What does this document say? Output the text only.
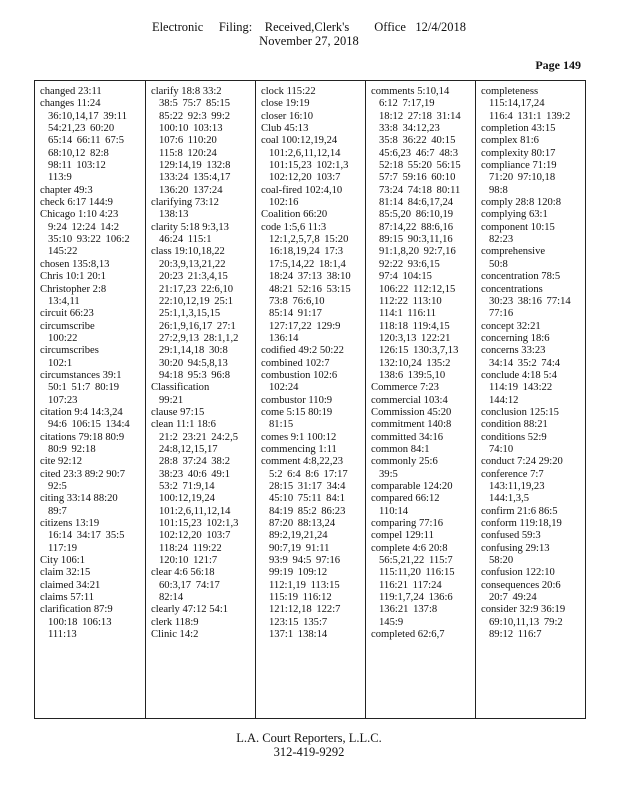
Electronic     Filing:    Received,Clerk's        Office   12/4/2018
November 27, 2018
Page 149
changed 23:11
changes 11:24
36:10,14,17 39:11
54:21,23 60:20
65:14 66:11 67:5
68:10,12 82:8
98:11 103:12
113:9
chapter 49:3
check 6:17 144:9
Chicago 1:10 4:23
9:24 12:24 14:2
35:10 93:22 106:2
145:22
chosen 135:8,13
Chris 10:1 20:1
Christopher 2:8
13:4,11
circuit 66:23
circumscribe
100:22
circumscribes
102:1
circumstances 39:1
50:1 51:7 80:19
107:23
citation 9:4 14:3,24
94:6 106:15 134:4
citations 79:18 80:9
80:9 92:18
cite 92:12
cited 23:3 89:2 90:7
92:5
citing 33:14 88:20
89:7
citizens 13:19
16:14 34:17 35:5
117:19
City 106:1
claim 32:15
claimed 34:21
claims 57:11
clarification 87:9
100:18 106:13
111:13
clarify 18:8 33:2
38:5 75:7 85:15
85:22 92:3 99:2
100:10 103:13
107:6 110:20
115:8 120:24
129:14,19 132:8
133:24 135:4,17
136:20 137:24
clarifying 73:12
138:13
clarity 5:18 9:3,13
46:24 115:1
class 19:10,18,22
20:3,9,13,21,22
20:23 21:3,4,15
21:17,23 22:6,10
22:10,12,19 25:1
25:1,1,3,15,15
26:1,9,16,17 27:1
27:2,9,13 28:1,1,2
29:1,14,18 30:8
30:20 94:5,8,13
94:18 95:3 96:8
Classification
99:21
clause 97:15
clean 11:1 18:6
21:2 23:21 24:2,5
24:8,12,15,17
28:8 37:24 38:2
38:23 40:6 49:1
53:2 71:9,14
100:12,19,24
101:2,6,11,12,14
101:15,23 102:1,3
102:12,20 103:7
118:24 119:22
120:10 121:7
clear 4:6 56:18
60:3,17 74:17
82:14
clearly 47:12 54:1
clerk 118:9
Clinic 14:2
clock 115:22
close 19:19
closer 16:10
Club 45:13
coal 100:12,19,24
101:2,6,11,12,14
101:15,23 102:1,3
102:12,20 103:7
coal-fired 102:4,10
102:16
Coalition 66:20
code 1:5,6 11:3
12:1,2,5,7,8 15:20
16:18,19,24 17:3
17:5,14,22 18:1,4
18:24 37:13 38:10
48:21 52:16 53:15
73:8 76:6,10
85:14 91:17
127:17,22 129:9
136:14
codified 49:2 50:22
combined 102:7
combustion 102:6
102:24
combustor 110:9
come 5:15 80:19
81:15
comes 9:1 100:12
commencing 1:11
comment 4:8,22,23
5:2 6:4 8:6 17:17
28:15 31:17 34:4
45:10 75:11 84:1
84:19 85:2 86:23
87:20 88:13,24
89:2,19,21,24
90:7,19 91:11
93:9 94:5 97:16
99:19 109:12
112:1,19 113:15
115:19 116:12
121:12,18 122:7
123:15 135:7
137:1 138:14
comments 5:10,14
6:12 7:17,19
18:12 27:18 31:14
33:8 34:12,23
35:8 36:22 40:15
45:6,23 46:7 48:3
52:18 55:20 56:15
57:7 59:16 60:10
73:24 74:18 80:11
81:14 84:6,17,24
85:5,20 86:10,19
87:14,22 88:6,16
89:15 90:3,11,16
91:1,8,20 92:7,16
92:22 93:6,15
97:4 104:15
106:22 112:12,15
112:22 113:10
114:1 116:11
118:18 119:4,15
120:3,13 122:21
126:15 130:3,7,13
132:10,24 135:2
138:6 139:5,10
Commerce 7:23
commercial 103:4
Commission 45:20
commitment 140:8
committed 34:16
common 84:1
commonly 25:6
39:5
comparable 124:20
compared 66:12
110:14
comparing 77:16
compel 129:11
complete 4:6 20:8
56:5,21,22 115:7
115:11,20 116:15
116:21 117:24
119:1,7,24 136:6
136:21 137:8
145:9
completed 62:6,7
completeness
115:14,17,24
116:4 131:1 139:2
completion 43:15
complex 81:6
complexity 80:17
compliance 71:19
71:20 97:10,18
98:8
comply 28:8 120:8
complying 63:1
component 10:15
82:23
comprehensive
50:8
concentration 78:5
concentrations
30:23 38:16 77:14
77:16
concept 32:21
concerning 18:6
concerns 33:23
34:14 35:2 74:4
conclude 4:18 5:4
114:19 143:22
144:12
conclusion 125:15
condition 88:21
conditions 52:9
74:10
conduct 7:24 29:20
conference 7:7
143:11,19,23
144:1,3,5
confirm 21:6 86:5
conform 119:18,19
confused 59:3
confusing 29:13
58:20
confusion 122:10
consequences 20:6
20:7 49:24
consider 32:9 36:19
69:10,11,13 79:2
89:12 116:7
L.A. Court Reporters, L.L.C.
312-419-9292
